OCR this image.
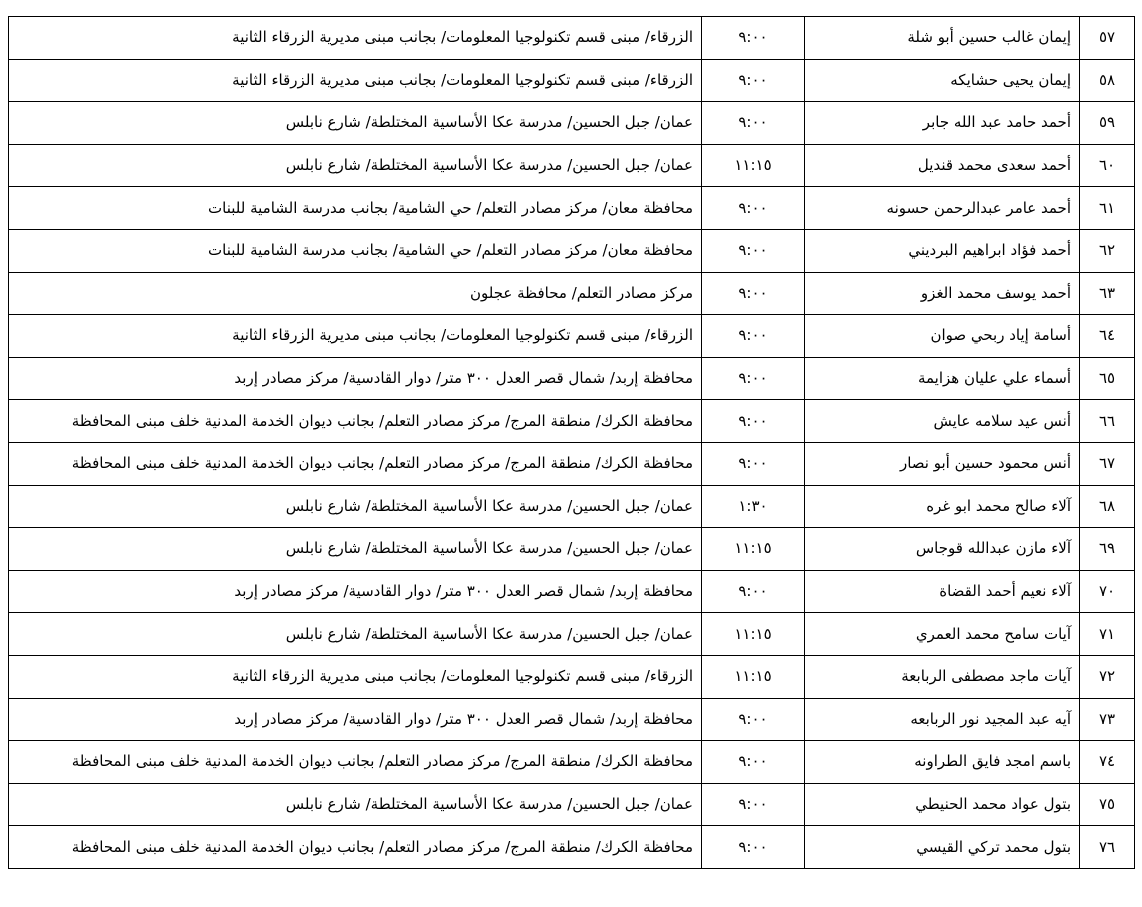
٥٧	إيمان غالب حسين أبو شلة	٩:٠٠	الزرقاء/ مبنى قسم تكنولوجيا المعلومات/ بجانب مبنى مديرية الزرقاء الثانية
٥٨	إيمان يحيى حشايكه	٩:٠٠	الزرقاء/ مبنى قسم تكنولوجيا المعلومات/ بجانب مبنى مديرية الزرقاء الثانية
٥٩	أحمد حامد عبد الله جابر	٩:٠٠	عمان/ جبل الحسين/ مدرسة عكا الأساسية المختلطة/ شارع نابلس
٦٠	أحمد سعدى محمد قنديل	١١:١٥	عمان/ جبل الحسين/ مدرسة عكا الأساسية المختلطة/ شارع نابلس
٦١	أحمد عامر عبدالرحمن حسونه	٩:٠٠	محافظة معان/ مركز مصادر التعلم/ حي الشامية/ بجانب مدرسة الشامية للبنات
٦٢	أحمد فؤاد ابراهيم البرديني	٩:٠٠	محافظة معان/ مركز مصادر التعلم/ حي الشامية/ بجانب مدرسة الشامية للبنات
٦٣	أحمد يوسف محمد الغزو	٩:٠٠	مركز مصادر التعلم/ محافظة عجلون
٦٤	أسامة إياد ربحي صوان	٩:٠٠	الزرقاء/ مبنى قسم تكنولوجيا المعلومات/ بجانب مبنى مديرية الزرقاء الثانية
٦٥	أسماء علي عليان هزايمة	٩:٠٠	محافظة إربد/ شمال قصر العدل ٣٠٠ متر/ دوار القادسية/ مركز مصادر إربد
٦٦	أنس عيد سلامه عايش	٩:٠٠	محافظة الكرك/ منطقة المرج/ مركز مصادر التعلم/ بجانب ديوان الخدمة المدنية خلف مبنى المحافظة
٦٧	أنس محمود حسين أبو نصار	٩:٠٠	محافظة الكرك/ منطقة المرج/ مركز مصادر التعلم/ بجانب ديوان الخدمة المدنية خلف مبنى المحافظة
٦٨	آلاء صالح محمد ابو غره	١:٣٠	عمان/ جبل الحسين/ مدرسة عكا الأساسية المختلطة/ شارع نابلس
٦٩	آلاء مازن عبدالله قوجاس	١١:١٥	عمان/ جبل الحسين/ مدرسة عكا الأساسية المختلطة/ شارع نابلس
٧٠	آلاء نعيم أحمد القضاة	٩:٠٠	محافظة إربد/ شمال قصر العدل ٣٠٠ متر/ دوار القادسية/ مركز مصادر إربد
٧١	آيات سامح محمد العمري	١١:١٥	عمان/ جبل الحسين/ مدرسة عكا الأساسية المختلطة/ شارع نابلس
٧٢	آيات ماجد مصطفى الربابعة	١١:١٥	الزرقاء/ مبنى قسم تكنولوجيا المعلومات/ بجانب مبنى مديرية الزرقاء الثانية
٧٣	آيه عبد المجيد نور الربابعه	٩:٠٠	محافظة إربد/ شمال قصر العدل ٣٠٠ متر/ دوار القادسية/ مركز مصادر إربد
٧٤	باسم امجد فايق الطراونه	٩:٠٠	محافظة الكرك/ منطقة المرج/ مركز مصادر التعلم/ بجانب ديوان الخدمة المدنية خلف مبنى المحافظة
٧٥	بتول عواد محمد الحنيطي	٩:٠٠	عمان/ جبل الحسين/ مدرسة عكا الأساسية المختلطة/ شارع نابلس
٧٦	بتول محمد تركي القيسي	٩:٠٠	محافظة الكرك/ منطقة المرج/ مركز مصادر التعلم/ بجانب ديوان الخدمة المدنية خلف مبنى المحافظة
